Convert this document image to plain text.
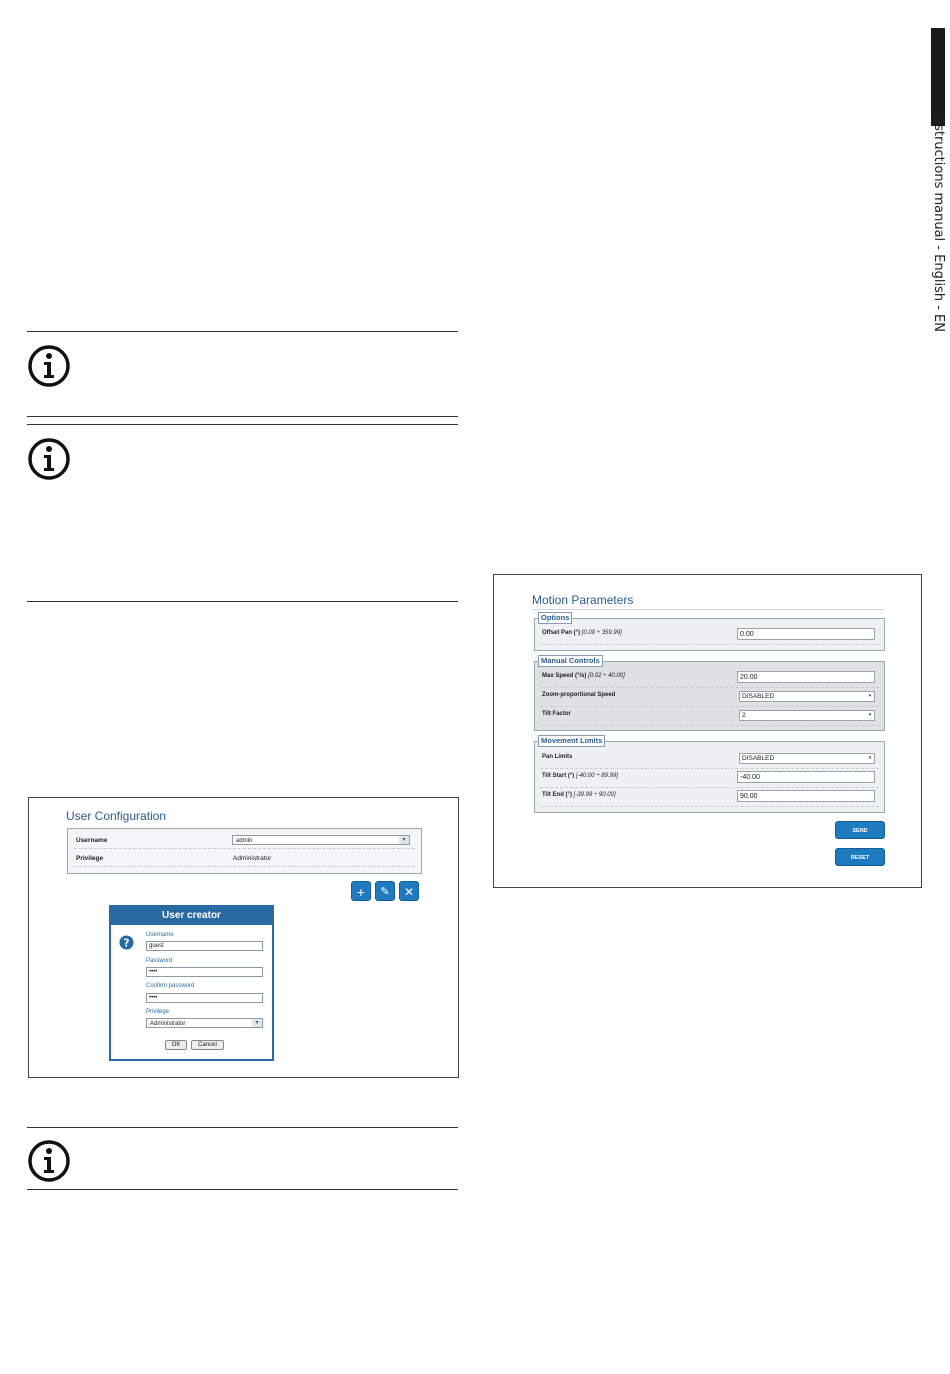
Instructions manual - English - EN
User Configuration
Username	admin	▾
Privilege	Administrator
+	✎	✕
User creator
?
Username
guest
Password
••••
Confirm password
••••
Privilege
Administrator	▾
OK	Cancel
Motion Parameters
Options
Offset Pan (°) [0.00 ÷ 359.99]	0.00
Manual Controls
Max Speed (°/s) [0.02 ÷ 40.00]	20.00
Zoom-proportional Speed	DISABLED	▾
Tilt Factor	2	▾
Movement Limits
Pan Limits	DISABLED	▾
Tilt Start (°) [-40.00 ÷ 89.99]	-40.00
Tilt End (°) [-39.99 ÷ 90.00]	90.00
SEND
RESET
